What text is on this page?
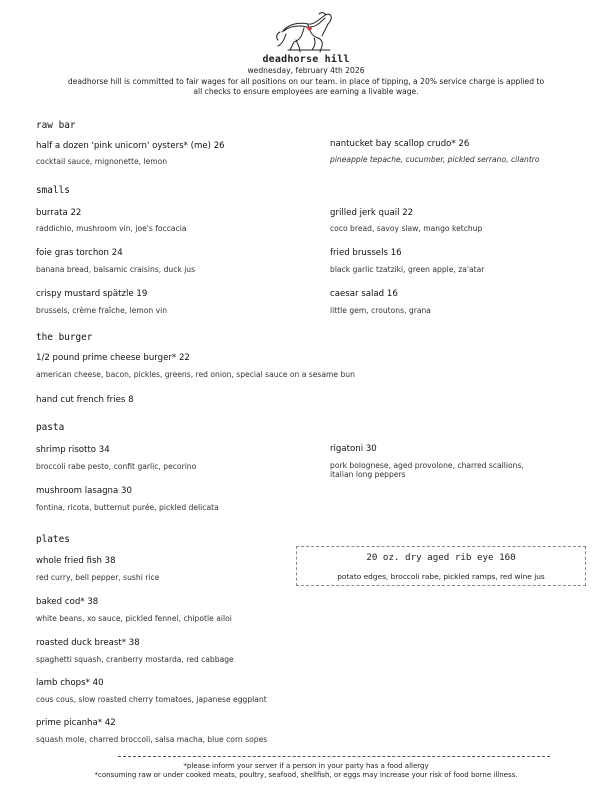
deadhorse hill
wednesday, february 4th 2026
deadhorse hill is committed to fair wages for all positions on our team. in place of tipping, a 20% service charge is applied to
all checks to ensure employees are earning a livable wage.
raw bar
half a dozen 'pink unicorn' oysters* (me) 26
cocktail sauce, mignonette, lemon
nantucket bay scallop crudo* 26
pineapple tepache, cucumber, pickled serrano, cilantro
smalls
burrata 22
raddichio, mushroom vin, joe's foccacia
grilled jerk quail 22
coco bread, savoy slaw, mango ketchup
foie gras torchon 24
banana bread, balsamic craisins, duck jus
fried brussels 16
black garlic tzatziki, green apple, za'atar
crispy mustard spätzle 19
brussels, crème fraîche, lemon vin
caesar salad 16
little gem, croutons, grana
the burger
1/2 pound prime cheese burger* 22
american cheese, bacon, pickles, greens, red onion, special sauce on a sesame bun
hand cut french fries 8
pasta
shrimp risotto 34
broccoli rabe pesto, confit garlic, pecorino
rigatoni 30
pork bolognese, aged provolone, charred scallions,
italian long peppers
mushroom lasagna 30
fontina, ricota, butternut purée, pickled delicata
plates
whole fried fish 38
red curry, bell pepper, sushi rice
20 oz. dry aged rib eye 160
potato edges, broccoli rabe, pickled ramps, red wine jus
baked cod* 38
white beans, xo sauce, pickled fennel, chipotle ailoi
roasted duck breast* 38
spaghetti squash, cranberry mostarda, red cabbage
lamb chops* 40
cous cous, slow roasted cherry tomatoes, japanese eggplant
prime picanha* 42
squash mole, charred broccoli, salsa macha, blue corn sopes
*please inform your server if a person in your party has a food allergy
*consuming raw or under cooked meats, poultry, seafood, shellfish, or eggs may increase your risk of food borne illness.
